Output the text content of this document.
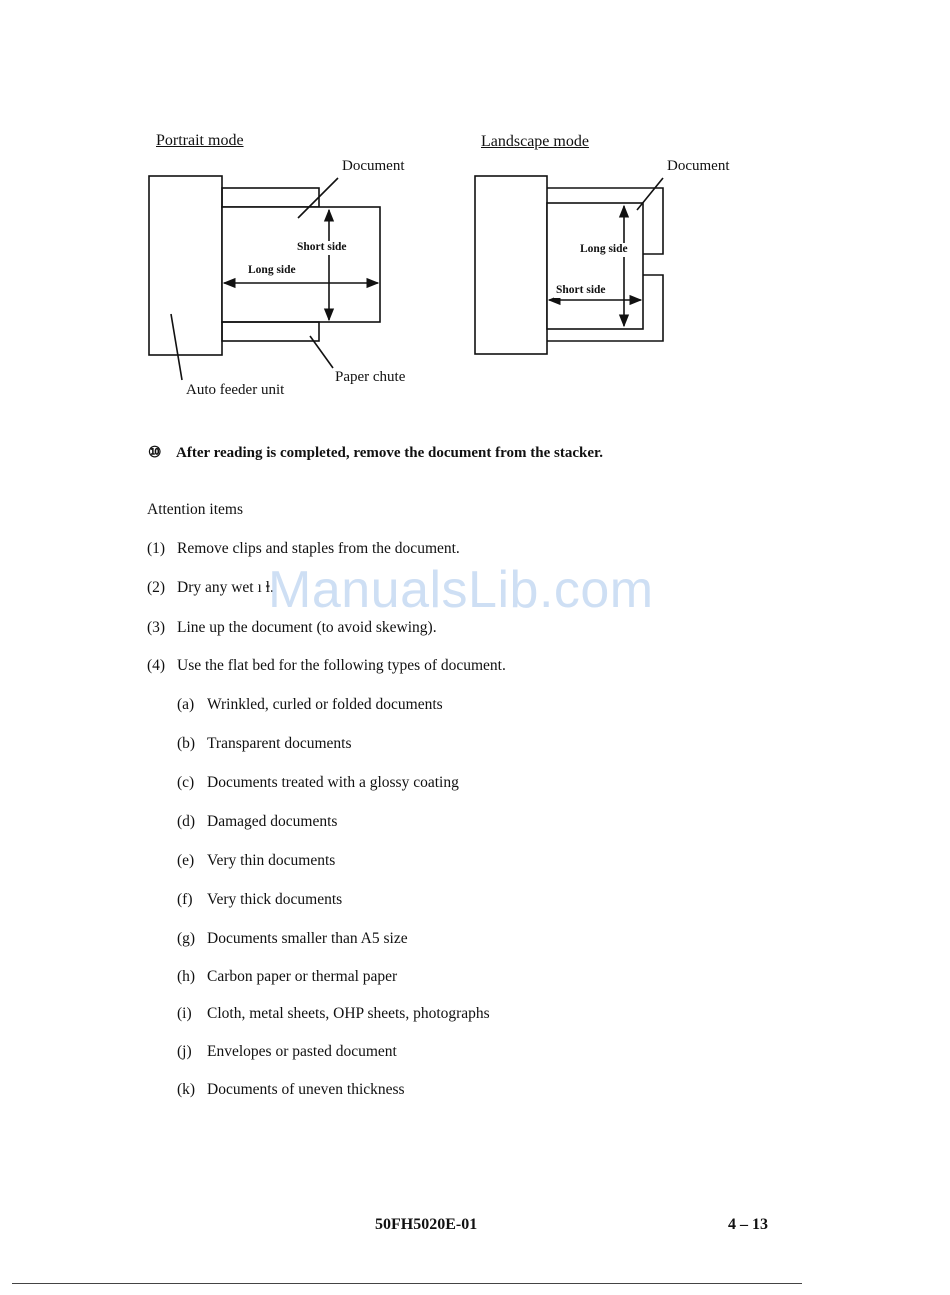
Portrait mode
Document
Short side
Long side
Paper chute
Auto feeder unit
Landscape mode
Document
Long side
Short side
⑩ After reading is completed, remove the document from the stacker.
Attention items
(1) Remove clips and staples from the document.
(2) Dry any wet ı ⱡ.
(3) Line up the document (to avoid skewing).
(4) Use the flat bed for the following types of document.
(a) Wrinkled, curled or folded documents
(b) Transparent documents
(c) Documents treated with a glossy coating
(d) Damaged documents
(e) Very thin documents
(f) Very thick documents
(g) Documents smaller than A5 size
(h) Carbon paper or thermal paper
(i) Cloth, metal sheets, OHP sheets, photographs
(j) Envelopes or pasted document
(k) Documents of uneven thickness
ManualsLib.com
50FH5020E-01	4 – 13
